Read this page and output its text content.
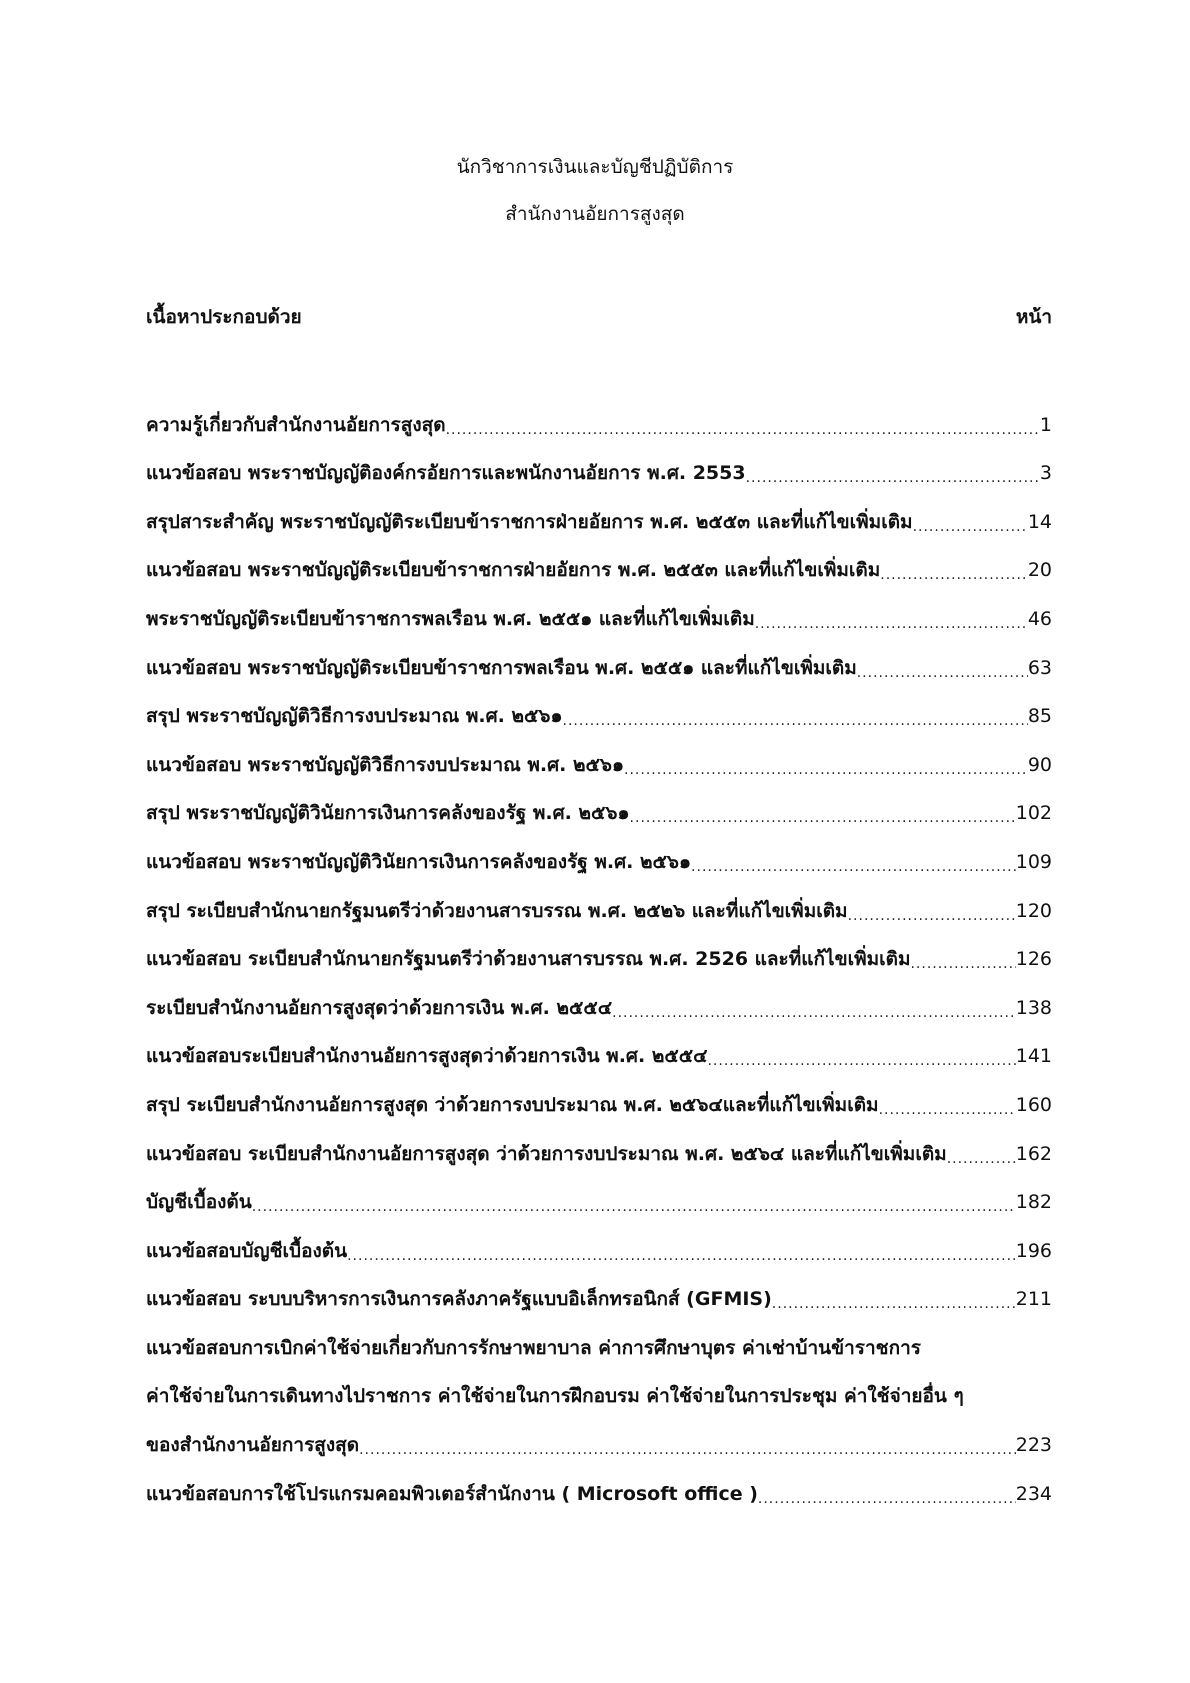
นักวิชาการเงินและบัญชีปฏิบัติการ
สำนักงานอัยการสูงสุด
เนื้อหาประกอบด้วย	หน้า
ความรู้เกี่ยวกับสำนักงานอัยการสูงสุด .....	1
แนวข้อสอบ พระราชบัญญัติองค์กรอัยการและพนักงานอัยการ พ.ศ. 2553 .....	3
สรุปสาระสำคัญ พระราชบัญญัติระเบียบข้าราชการฝ่ายอัยการ พ.ศ. ๒๕๕๓ และที่แก้ไขเพิ่มเติม .....	14
แนวข้อสอบ พระราชบัญญัติระเบียบข้าราชการฝ่ายอัยการ พ.ศ. ๒๕๕๓ และที่แก้ไขเพิ่มเติม .....	20
พระราชบัญญัติระเบียบข้าราชการพลเรือน พ.ศ. ๒๕๕๑ และที่แก้ไขเพิ่มเติม .....	46
แนวข้อสอบ พระราชบัญญัติระเบียบข้าราชการพลเรือน พ.ศ. ๒๕๕๑ และที่แก้ไขเพิ่มเติม .....	63
สรุป พระราชบัญญัติวิธีการงบประมาณ พ.ศ. ๒๕๖๑ .....	85
แนวข้อสอบ พระราชบัญญัติวิธีการงบประมาณ พ.ศ. ๒๕๖๑ .....	90
สรุป พระราชบัญญัติวินัยการเงินการคลังของรัฐ พ.ศ. ๒๕๖๑ .....	102
แนวข้อสอบ พระราชบัญญัติวินัยการเงินการคลังของรัฐ พ.ศ. ๒๕๖๑ .....	109
สรุป ระเบียบสำนักนายกรัฐมนตรีว่าด้วยงานสารบรรณ พ.ศ. ๒๕๒๖ และที่แก้ไขเพิ่มเติม .....	120
แนวข้อสอบ ระเบียบสำนักนายกรัฐมนตรีว่าด้วยงานสารบรรณ พ.ศ. 2526 และที่แก้ไขเพิ่มเติม .....	126
ระเบียบสำนักงานอัยการสูงสุดว่าด้วยการเงิน พ.ศ. ๒๕๕๔ .....	138
แนวข้อสอบระเบียบสำนักงานอัยการสูงสุดว่าด้วยการเงิน พ.ศ. ๒๕๕๔ .....	141
สรุป ระเบียบสำนักงานอัยการสูงสุด ว่าด้วยการงบประมาณ พ.ศ. ๒๕๖๔และที่แก้ไขเพิ่มเติม .....	160
แนวข้อสอบ ระเบียบสำนักงานอัยการสูงสุด ว่าด้วยการงบประมาณ พ.ศ. ๒๕๖๔ และที่แก้ไขเพิ่มเติม .....	162
บัญชีเบื้องต้น .....	182
แนวข้อสอบบัญชีเบื้องต้น .....	196
แนวข้อสอบ ระบบบริหารการเงินการคลังภาครัฐแบบอิเล็กทรอนิกส์ (GFMIS) .....	211
แนวข้อสอบการเบิกค่าใช้จ่ายเกี่ยวกับการรักษาพยาบาล ค่าการศึกษาบุตร ค่าเช่าบ้านข้าราชการ
ค่าใช้จ่ายในการเดินทางไปราชการ ค่าใช้จ่ายในการฝึกอบรม ค่าใช้จ่ายในการประชุม ค่าใช้จ่ายอื่น ๆ
ของสำนักงานอัยการสูงสุด .....	223
แนวข้อสอบการใช้โปรแกรมคอมพิวเตอร์สำนักงาน ( Microsoft office ) .....	234
